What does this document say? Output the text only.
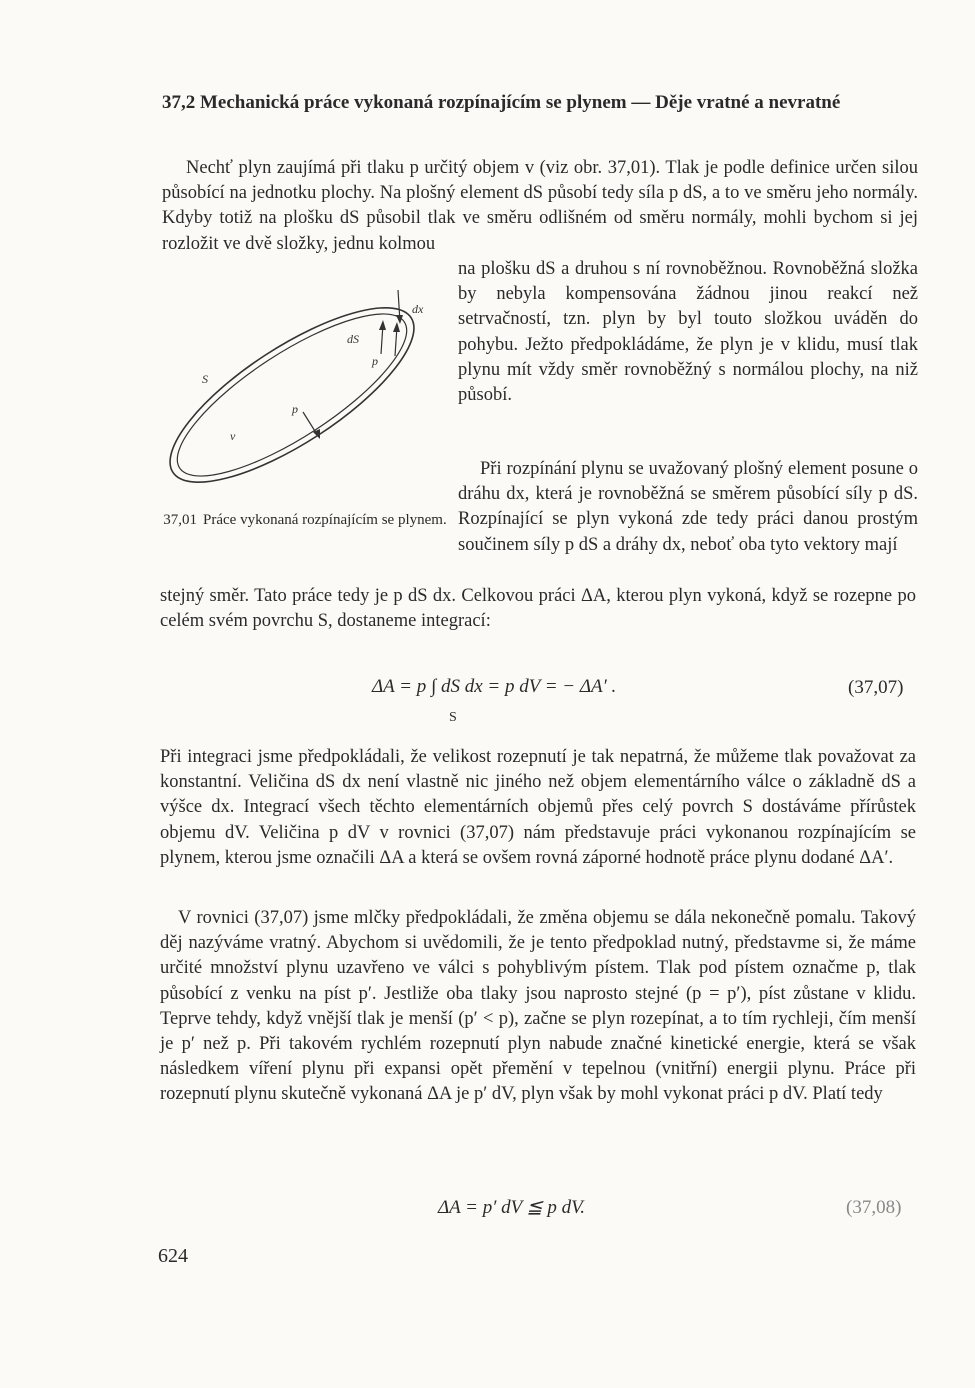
37,2 Mechanická práce vykonaná rozpínajícím se plynem — Děje vratné a nevratné

Nechť plyn zaujímá při tlaku p určitý objem v (viz obr. 37,01). Tlak je podle definice určen silou působící na jednotku plochy. Na plošný element dS působí tedy síla p dS, a to ve směru jeho normály. Kdyby totiž na plošku dS působil tlak ve směru odlišném od směru normály, mohli bychom si jej rozložit ve dvě složky, jednu kolmou

dx
dS
p
p
S
v

na plošku dS a druhou s ní rovnoběžnou. Rovnoběžná složka by nebyla kompensována žádnou jinou reakcí než setrvačností, tzn. plyn by byl touto složkou uváděn do pohybu. Ježto předpokládáme, že plyn je v klidu, musí tlak plynu mít vždy směr rovnoběžný s normálou plochy, na niž působí.

37,01 Práce vykonaná rozpínajícím se plynem.

Při rozpínání plynu se uvažovaný plošný element posune o dráhu dx, která je rovnoběžná se směrem působící síly p dS. Rozpínající se plyn vykoná zde tedy práci danou prostým součinem síly p dS a dráhy dx, neboť oba tyto vektory mají

stejný směr. Tato práce tedy je p dS dx. Celkovou práci ΔA, kterou plyn vykoná, když se rozepne po celém svém povrchu S, dostaneme integrací:

ΔA = p ∫ dS dx = p dV = − ΔA′ .
S
(37,07)

Při integraci jsme předpokládali, že velikost rozepnutí je tak nepatrná, že můžeme tlak považovat za konstantní. Veličina dS dx není vlastně nic jiného než objem elementárního válce o základně dS a výšce dx. Integrací všech těchto elementárních objemů přes celý povrch S dostáváme přírůstek objemu dV. Veličina p dV v rovnici (37,07) nám představuje práci vykonanou rozpínajícím se plynem, kterou jsme označili ΔA a která se ovšem rovná záporné hodnotě práce plynu dodané ΔA′.

V rovnici (37,07) jsme mlčky předpokládali, že změna objemu se dála nekonečně pomalu. Takový děj nazýváme vratný. Abychom si uvědomili, že je tento předpoklad nutný, představme si, že máme určité množství plynu uzavřeno ve válci s pohyblivým pístem. Tlak pod pístem označme p, tlak působící z venku na píst p′. Jestliže oba tlaky jsou naprosto stejné (p = p′), píst zůstane v klidu. Teprve tehdy, když vnější tlak je menší (p′ < p), začne se plyn rozepínat, a to tím rychleji, čím menší je p′ než p. Při takovém rychlém rozepnutí plyn nabude značné kinetické energie, která se však následkem víření plynu při expansi opět přemění v tepelnou (vnitřní) energii plynu. Práce při rozepnutí plynu skutečně vykonaná ΔA je p′ dV, plyn však by mohl vykonat práci p dV. Platí tedy

ΔA = p′ dV ≦ p dV.	(37,08)
624
